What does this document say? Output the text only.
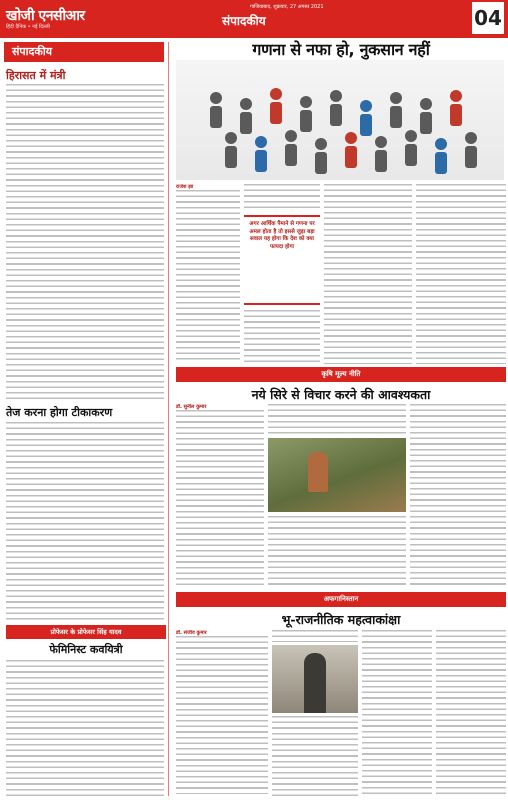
खोजी एनसीआर
हिंदी दैनिक • नई दिल्ली
गाजियाबाद, शुक्रवार, 27 अगस्त 2021
संपादकीय	04
संपादकीय
हिरासत में मंत्री
तेज करना होगा टीकाकरण
प्रोफेसर के प्रोफेसर सिंह यादव
फेमिनिस्ट कवयित्री
गणना से नफा हो, नुकसान नहीं
राजेश झा
अगर आर्थिक पैमाने से गणना पर अमल होता है तो इससे जुड़ा बड़ा सवाल यह होगा कि देश को क्या फायदा होगा
कृषि मूल्य नीति
नये सिरे से विचार करने की आवश्यकता
डॉ. सुनील कुमार
अफगानिस्तान
भू-राजनीतिक महत्वाकांक्षा
डॉ. संजीव कुमार
